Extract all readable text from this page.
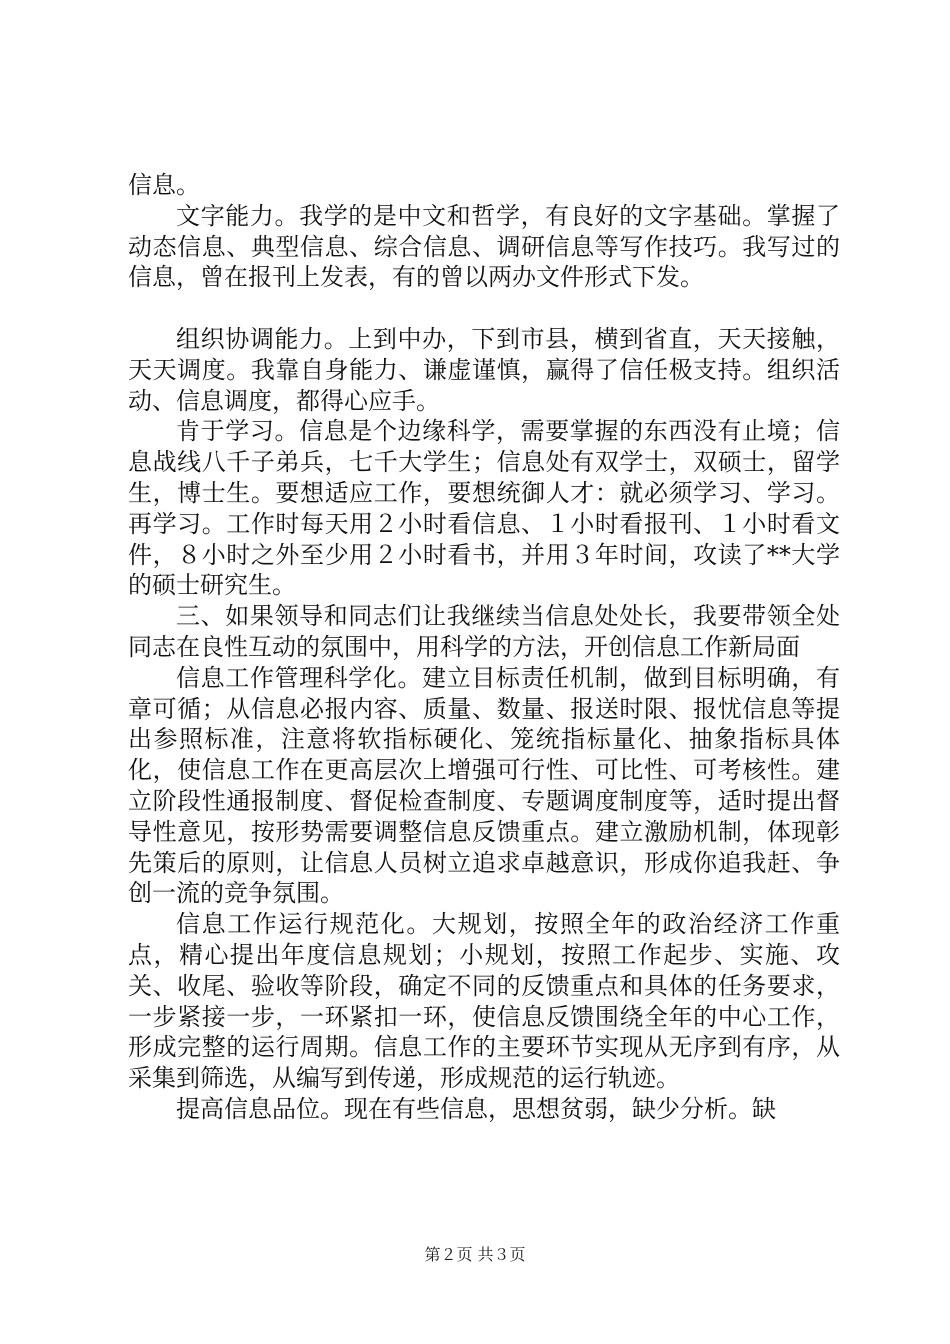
信息。

文字能力。我学的是中文和哲学，有良好的文字基础。掌握了动态信息、典型信息、综合信息、调研信息等写作技巧。我写过的信息，曾在报刊上发表，有的曾以两办文件形式下发。

组织协调能力。上到中办，下到市县，横到省直，天天接触，天天调度。我靠自身能力、谦虚谨慎，赢得了信任极支持。组织活动、信息调度，都得心应手。

肯于学习。信息是个边缘科学，需要掌握的东西没有止境；信息战线八千子弟兵，七千大学生；信息处有双学士，双硕士，留学生，博士生。要想适应工作，要想统御人才：就必须学习、学习。再学习。工作时每天用２小时看信息、１小时看报刊、１小时看文件，８小时之外至少用２小时看书，并用３年时间，攻读了**大学的硕士研究生。

三、如果领导和同志们让我继续当信息处处长，我要带领全处同志在良性互动的氛围中，用科学的方法，开创信息工作新局面

信息工作管理科学化。建立目标责任机制，做到目标明确，有章可循；从信息必报内容、质量、数量、报送时限、报忧信息等提出参照标准，注意将软指标硬化、笼统指标量化、抽象指标具体化，使信息工作在更高层次上增强可行性、可比性、可考核性。建立阶段性通报制度、督促检查制度、专题调度制度等，适时提出督导性意见，按形势需要调整信息反馈重点。建立激励机制，体现彰先策后的原则，让信息人员树立追求卓越意识，形成你追我赶、争创一流的竞争氛围。

信息工作运行规范化。大规划，按照全年的政治经济工作重点，精心提出年度信息规划；小规划，按照工作起步、实施、攻关、收尾、验收等阶段，确定不同的反馈重点和具体的任务要求，一步紧接一步，一环紧扣一环，使信息反馈围绕全年的中心工作，形成完整的运行周期。信息工作的主要环节实现从无序到有序，从采集到筛选，从编写到传递，形成规范的运行轨迹。

提高信息品位。现在有些信息，思想贫弱，缺少分析。缺

第２页 共３页
